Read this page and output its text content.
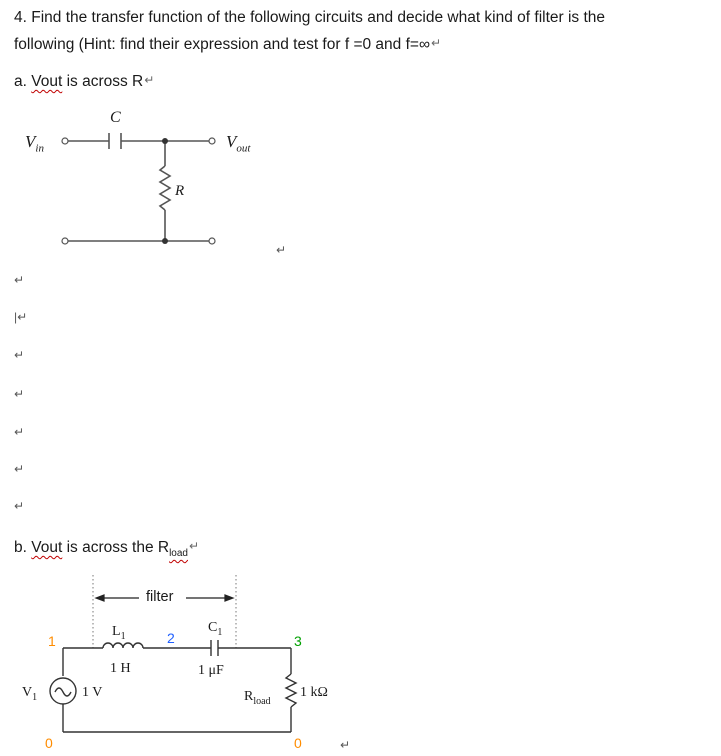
4. Find the transfer function of the following circuits and decide what kind of filter is the
following (Hint: find their expression and test for f =0 and f=∞↵
a. Vout is across R↵
C
R
$V_{in}$	$V_{out}$
↵
↵
|↵
↵
↵
↵
↵
↵
b. Vout is across the $R_{load}↵$
filter
$L_1$
1 H
$C_1$
1 μF
$V_1$	1 V	$R_{load}$
1 kΩ
1	2	3
0	0	↵
